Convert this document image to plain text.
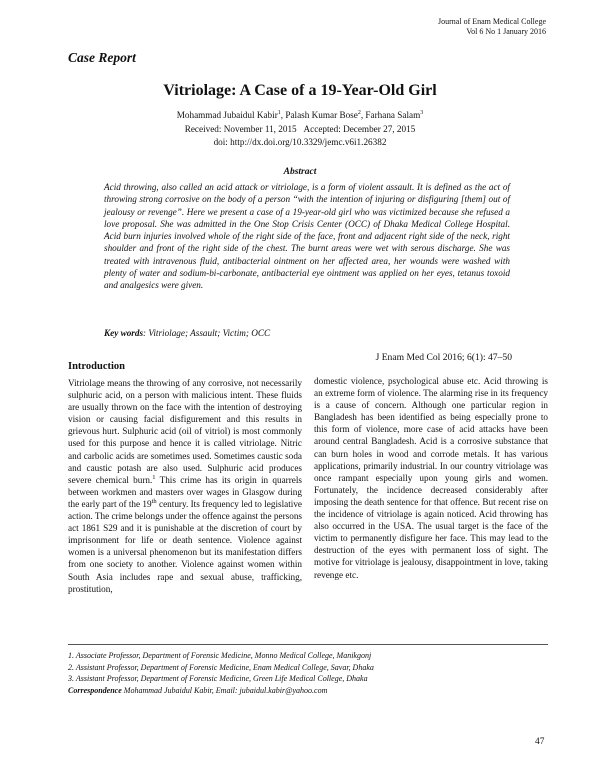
Journal of Enam Medical College
Vol 6 No 1 January 2016
Case Report
Vitriolage: A Case of a 19-Year-Old Girl
Mohammad Jubaidul Kabir$^1$, Palash Kumar Bose$^2$, Farhana Salam$^3$
Received: November 11, 2015 Accepted: December 27, 2015
doi: http://dx.doi.org/10.3329/jemc.v6i1.26382
Abstract

Acid throwing, also called an acid attack or vitriolage, is a form of violent assault. It is defined as the act of throwing strong corrosive on the body of a person “with the intention of injuring or disfiguring [them] out of jealousy or revenge”. Here we present a case of a 19-year-old girl who was victimized because she refused a love proposal. She was admitted in the One Stop Crisis Center (OCC) of Dhaka Medical College Hospital. Acid burn injuries involved whole of the right side of the face, front and adjacent right side of the neck, right shoulder and front of the right side of the chest. The burnt areas were wet with serous discharge. She was treated with intravenous fluid, antibacterial ointment on her affected area, her wounds were washed with plenty of water and sodium-bi-carbonate, antibacterial eye ointment was applied on her eyes, tetanus toxoid and analgesics were given.

Key words: Vitriolage; Assault; Victim; OCC
J Enam Med Col 2016; 6(1): 47–50
Introduction

Vitriolage means the throwing of any corrosive, not necessarily sulphuric acid, on a person with malicious intent. These fluids are usually thrown on the face with the intention of destroying vision or causing facial disfigurement and this results in grievous hurt. Sulphuric acid (oil of vitriol) is most commonly used for this purpose and hence it is called vitriolage. Nitric and carbolic acids are sometimes used. Sometimes caustic soda and caustic potash are also used. Sulphuric acid produces severe chemical burn.$^1$ This crime has its origin in quarrels between workmen and masters over wages in Glasgow during the early part of the 19th century. Its frequency led to legislative action. The crime belongs under the offence against the persons act 1861 S29 and it is punishable at the discretion of court by imprisonment for life or death sentence. Violence against women is a universal phenomenon but its manifestation differs from one society to another. Violence against women within South Asia includes rape and sexual abuse, trafficking, prostitution,

domestic violence, psychological abuse etc. Acid throwing is an extreme form of violence. The alarming rise in its frequency is a cause of concern. Although one particular region in Bangladesh has been identified as being especially prone to this form of violence, more case of acid attacks have been around central Bangladesh. Acid is a corrosive substance that can burn holes in wood and corrode metals. It has various applications, primarily industrial. In our country vitriolage was once rampant especially upon young girls and women. Fortunately, the incidence decreased considerably after imposing the death sentence for that offence. But recent rise on the incidence of vitriolage is again noticed. Acid throwing has also occurred in the USA. The usual target is the face of the victim to permanently disfigure her face. This may lead to the destruction of the eyes with permanent loss of sight. The motive for vitriolage is jealousy, disappointment in love, taking revenge etc.

1. Associate Professor, Department of Forensic Medicine, Monno Medical College, Manikgonj
2. Assistant Professor, Department of Forensic Medicine, Enam Medical College, Savar, Dhaka
3. Assistant Professor, Department of Forensic Medicine, Green Life Medical College, Dhaka
Correspondence Mohammad Jubaidul Kabir, Email: jubaidul.kabir@yahoo.com
47
